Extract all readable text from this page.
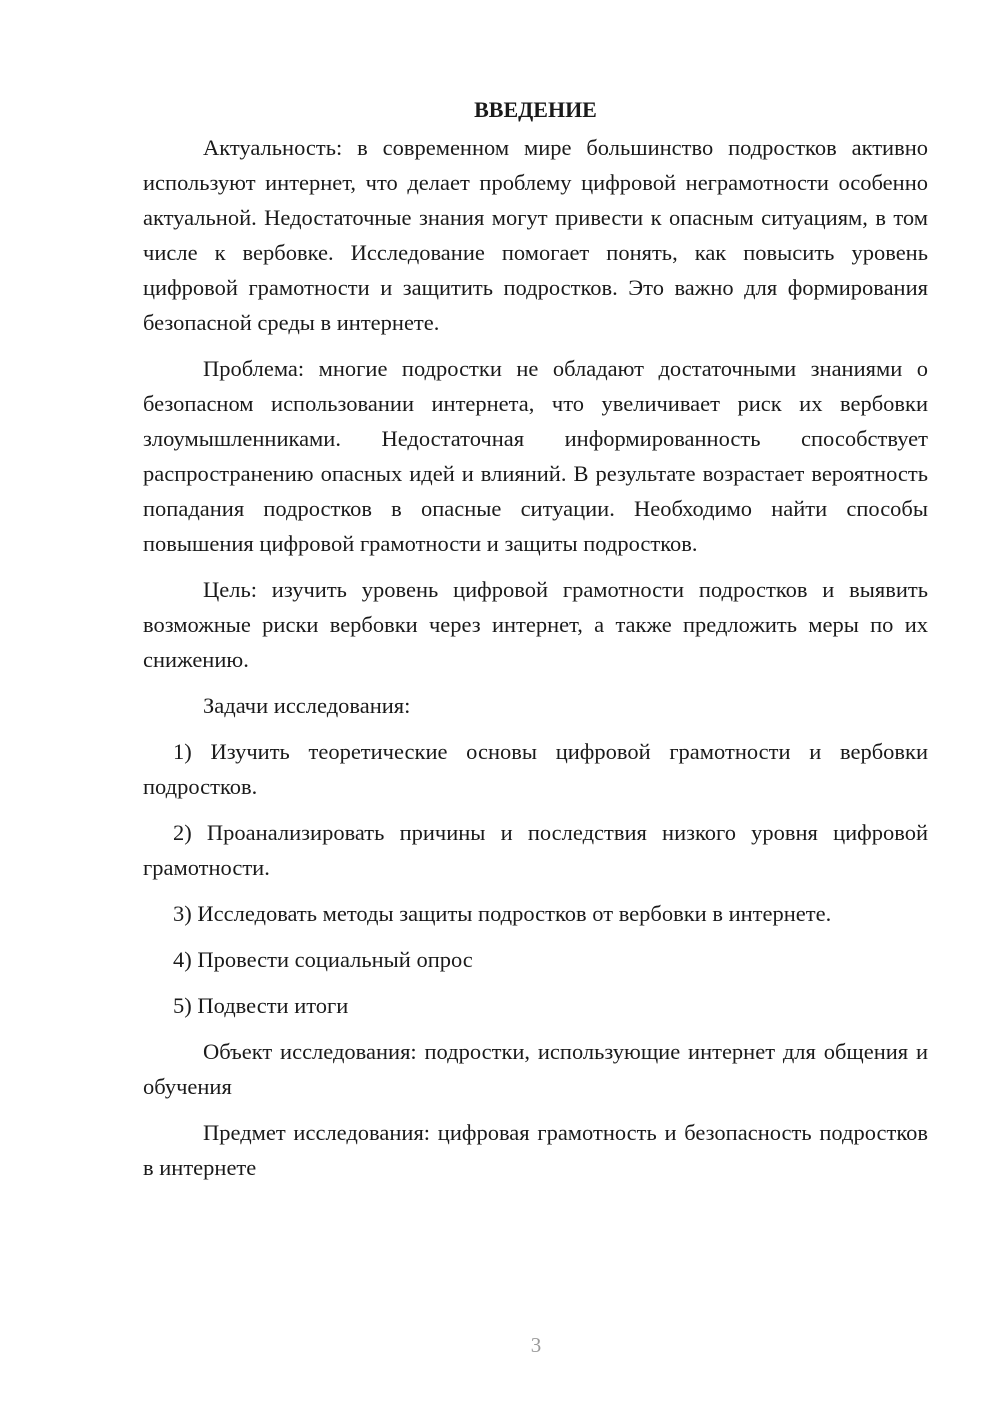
ВВЕДЕНИЕ

Актуальность: в современном мире большинство подростков активно используют интернет, что делает проблему цифровой неграмотности особенно актуальной. Недостаточные знания могут привести к опасным ситуациям, в том числе к вербовке. Исследование помогает понять, как повысить уровень цифровой грамотности и защитить подростков. Это важно для формирования безопасной среды в интернете.

Проблема: многие подростки не обладают достаточными знаниями о безопасном использовании интернета, что увеличивает риск их вербовки злоумышленниками. Недостаточная информированность способствует распространению опасных идей и влияний. В результате возрастает вероятность попадания подростков в опасные ситуации. Необходимо найти способы повышения цифровой грамотности и защиты подростков.

Цель: изучить уровень цифровой грамотности подростков и выявить возможные риски вербовки через интернет, а также предложить меры по их снижению.

Задачи исследования:

1) Изучить теоретические основы цифровой грамотности и вербовки подростков.

2) Проанализировать причины и последствия низкого уровня цифровой грамотности.

3) Исследовать методы защиты подростков от вербовки в интернете.

4) Провести социальный опрос

5) Подвести итоги

Объект исследования: подростки, использующие интернет для общения и обучения

Предмет исследования: цифровая грамотность и безопасность подростков в интернете

3
